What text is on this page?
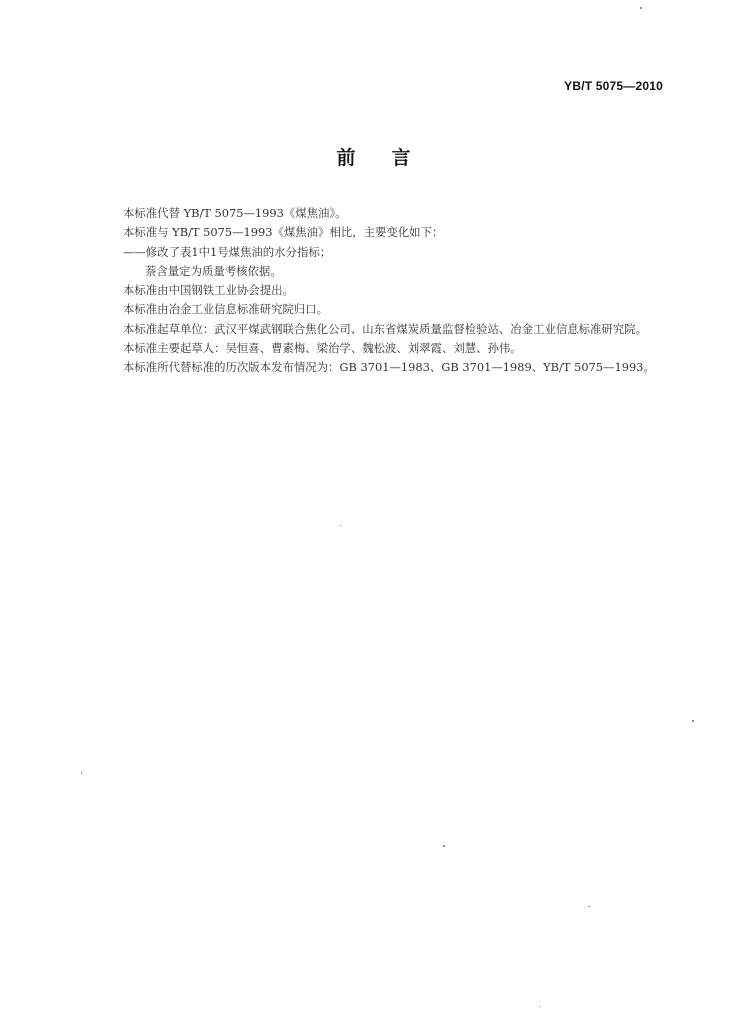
YB/T 5075—2010
前言

本标准代替 YB/T 5075—1993《煤焦油》。

本标准与 YB/T 5075—1993《煤焦油》相比，主要变化如下：

——修改了表1中1号煤焦油的水分指标；

萘含量定为质量考核依据。

本标准由中国钢铁工业协会提出。

本标准由冶金工业信息标准研究院归口。

本标准起草单位：武汉平煤武钢联合焦化公司、山东省煤炭质量监督检验站、冶金工业信息标准研究院。

本标准主要起草人：吴恒喜、曹素梅、梁治学、魏松波、刘翠霞、刘慧、孙伟。

本标准所代替标准的历次版本发布情况为：GB 3701—1983、GB 3701—1989、YB/T 5075—1993。
